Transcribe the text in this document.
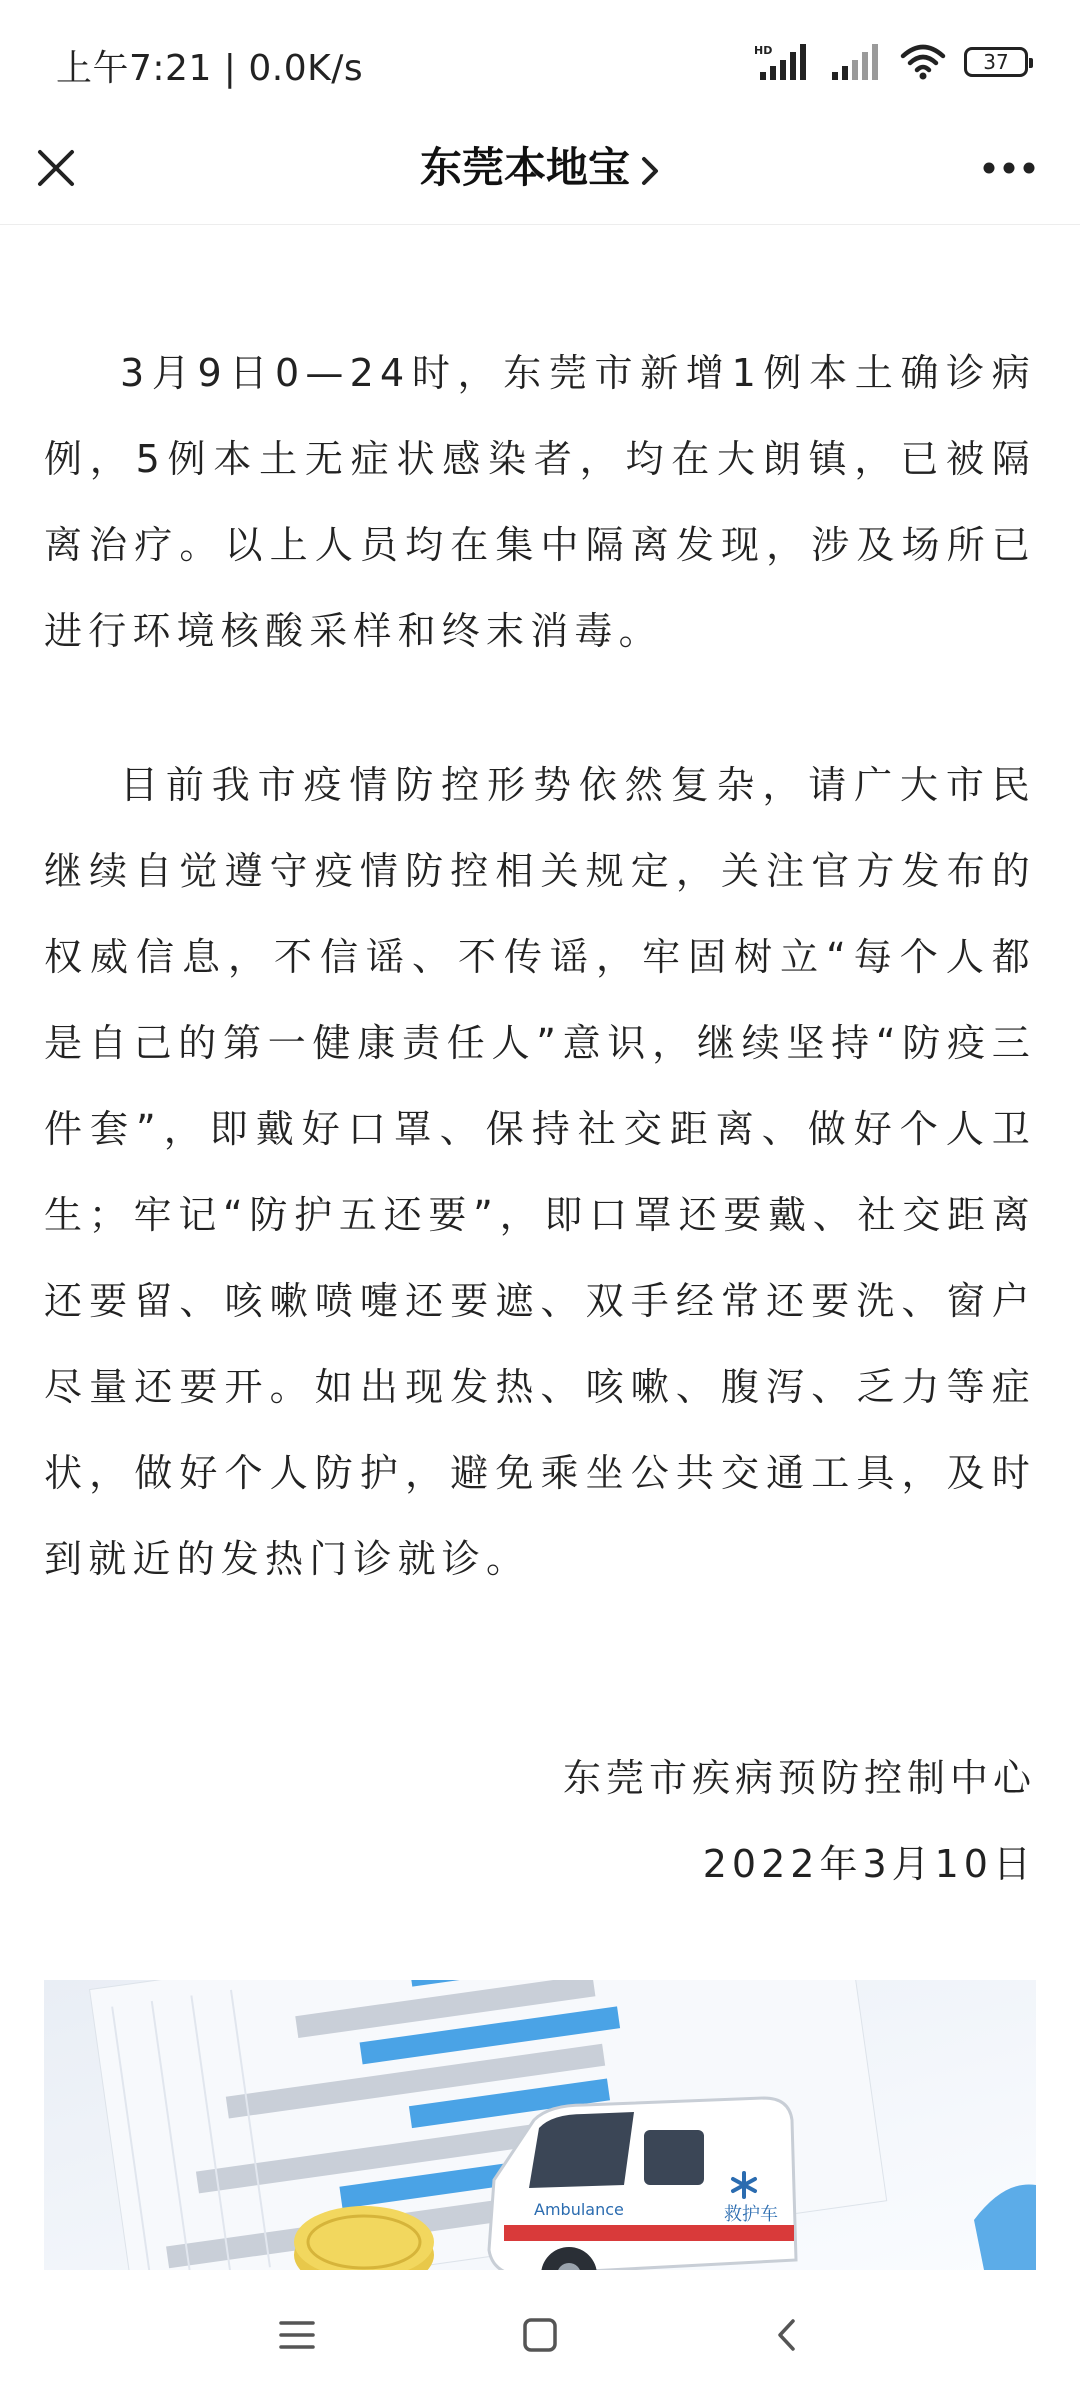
上午7:21 | 0.0K/s	HD	37
东莞本地宝

3月9日0—24时，东莞市新增1例本土确诊病例，5例本土无症状感染者，均在大朗镇，已被隔离治疗。以上人员均在集中隔离发现，涉及场所已进行环境核酸采样和终末消毒。

目前我市疫情防控形势依然复杂，请广大市民继续自觉遵守疫情防控相关规定，关注官方发布的权威信息，不信谣、不传谣，牢固树立“每个人都是自己的第一健康责任人”意识，继续坚持“防疫三件套”，即戴好口罩、保持社交距离、做好个人卫生；牢记“防护五还要”，即口罩还要戴、社交距离还要留、咳嗽喷嚏还要遮、双手经常还要洗、窗户尽量还要开。如出现发热、咳嗽、腹泻、乏力等症状，做好个人防护，避免乘坐公共交通工具，及时到就近的发热门诊就诊。

东莞市疾病预防控制中心
2022年3月10日
Ambulance	救护车
